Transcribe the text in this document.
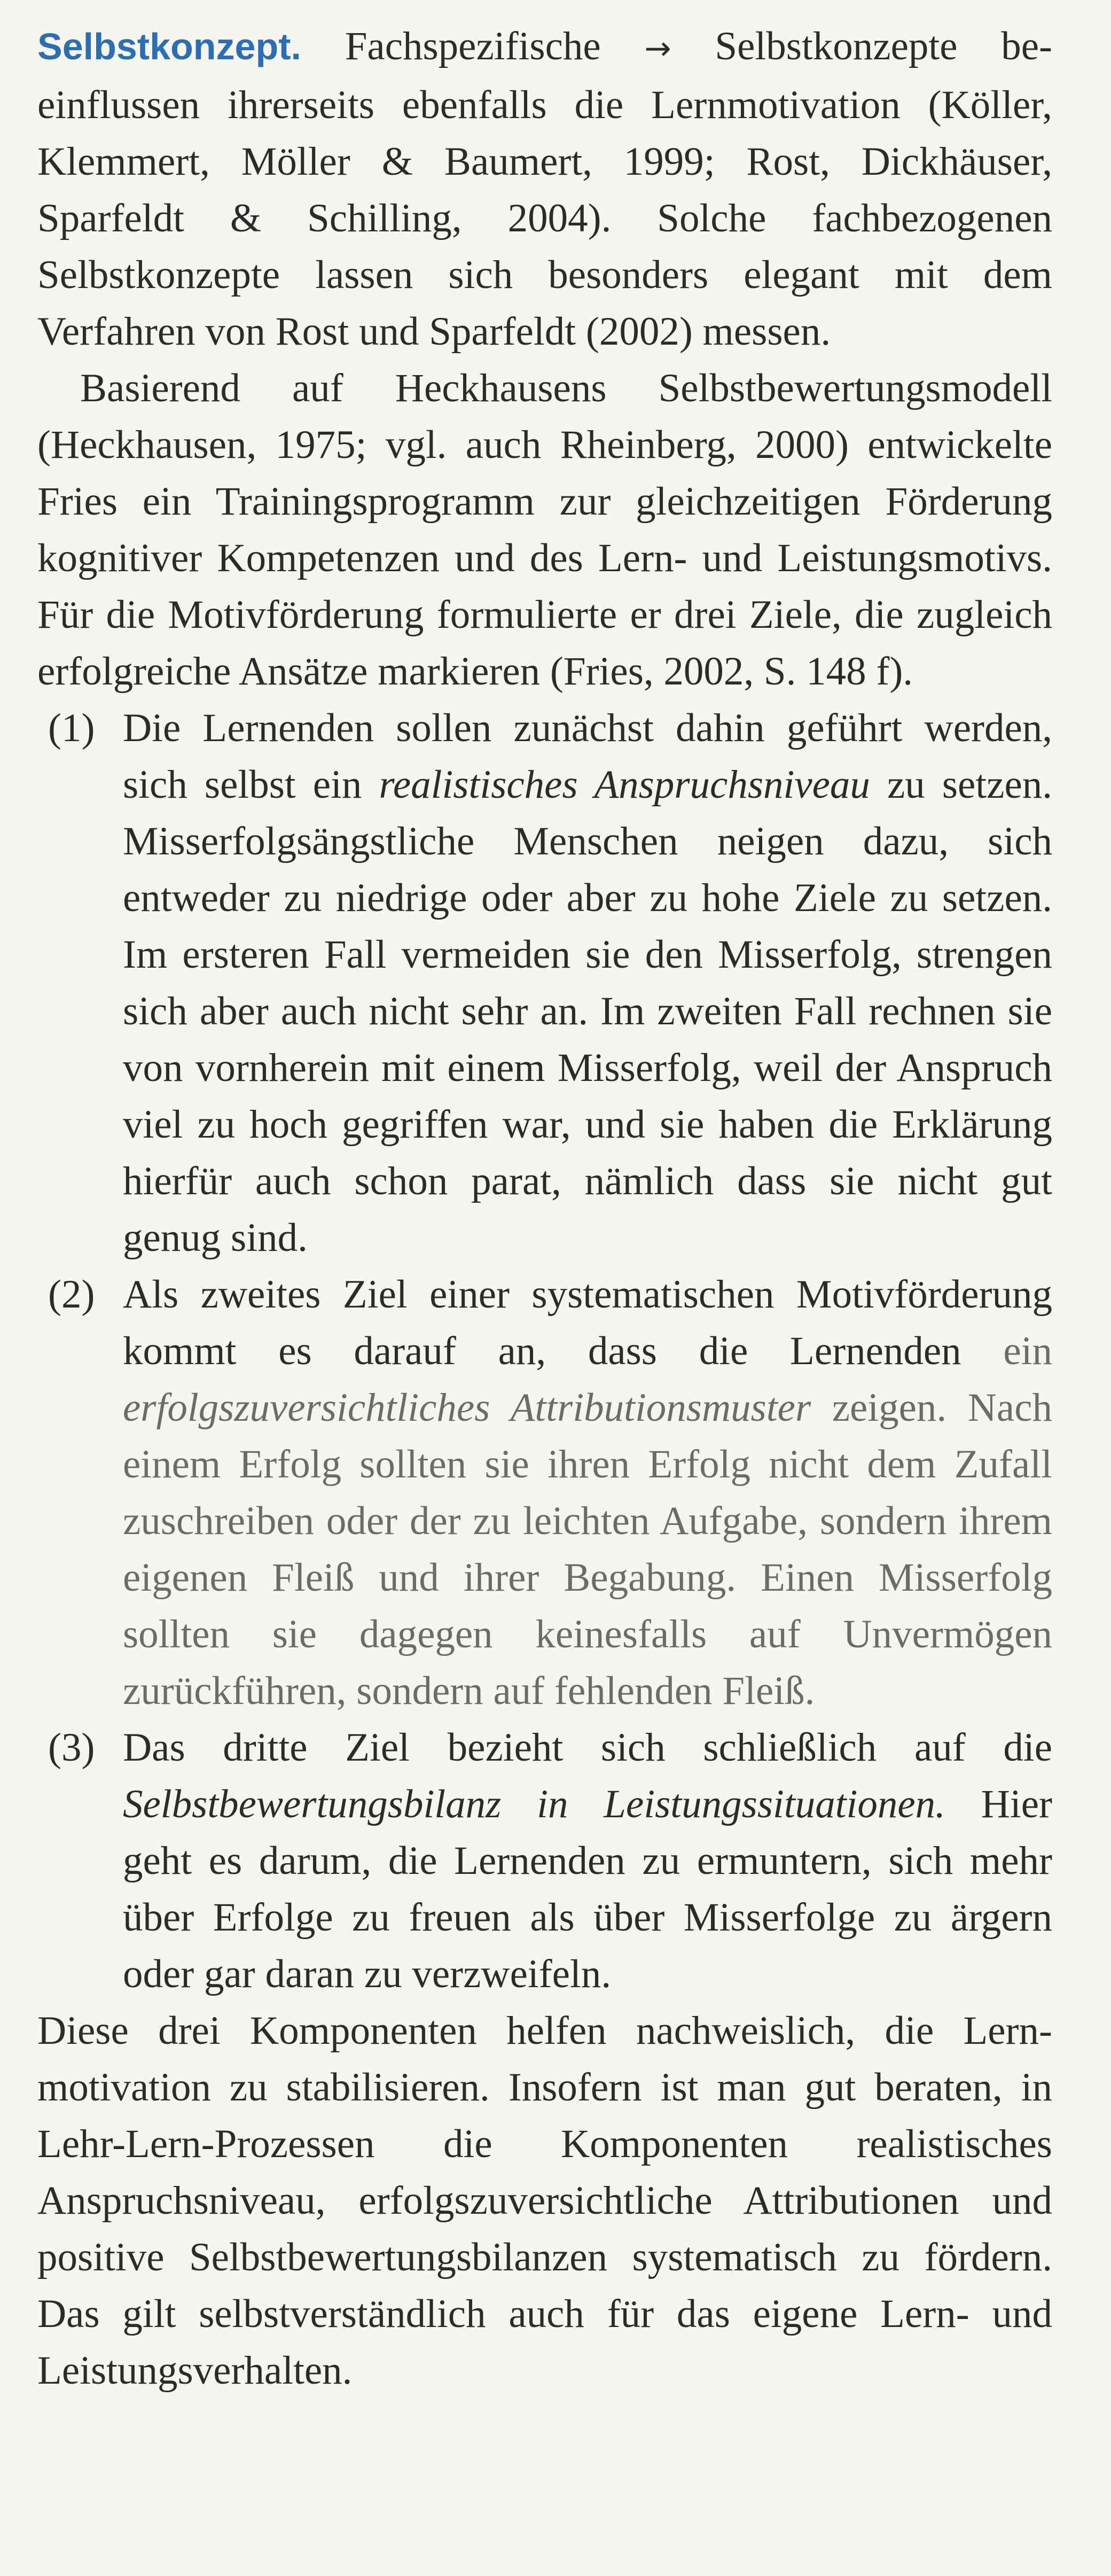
Selbstkonzept. Fachspezifische → Selbstkonzepte beeinflussen ihrerseits ebenfalls die Lernmotivation (Köller, Klemmert, Möller & Baumert, 1999; Rost, Dickhäuser, Sparfeldt & Schilling, 2004). Solche fachbezogenen Selbstkonzepte lassen sich besonders elegant mit dem Verfahren von Rost und Sparfeldt (2002) messen.

Basierend auf Heckhausens Selbstbewertungsmodell (Heckhausen, 1975; vgl. auch Rheinberg, 2000) entwickelte Fries ein Trainingsprogramm zur gleichzeitigen Förderung kognitiver Kompetenzen und des Lern- und Leistungsmotivs. Für die Motivförderung formulierte er drei Ziele, die zugleich erfolgreiche Ansätze markieren (Fries, 2002, S. 148 f).

(1) Die Lernenden sollen zunächst dahin geführt werden, sich selbst ein realistisches Anspruchsniveau zu setzen. Misserfolgsängstliche Menschen neigen dazu, sich entweder zu niedrige oder aber zu hohe Ziele zu setzen. Im ersteren Fall vermeiden sie den Misserfolg, strengen sich aber auch nicht sehr an. Im zweiten Fall rechnen sie von vornherein mit einem Misserfolg, weil der Anspruch viel zu hoch gegriffen war, und sie haben die Erklärung hierfür auch schon parat, nämlich dass sie nicht gut genug sind.

(2) Als zweites Ziel einer systematischen Motivförderung kommt es darauf an, dass die Lernenden ein erfolgszuversichtliches Attributionsmuster zeigen. Nach einem Erfolg sollten sie ihren Erfolg nicht dem Zufall zuschreiben oder der zu leichten Aufgabe, sondern ihrem eigenen Fleiß und ihrer Begabung. Einen Misserfolg sollten sie dagegen keinesfalls auf Unvermögen zurückführen, sondern auf fehlenden Fleiß.

(3) Das dritte Ziel bezieht sich schließlich auf die Selbstbewertungsbilanz in Leistungssituationen. Hier geht es darum, die Lernenden zu ermuntern, sich mehr über Erfolge zu freuen als über Misserfolge zu ärgern oder gar daran zu verzweifeln.

Diese drei Komponenten helfen nachweislich, die Lernmotivation zu stabilisieren. Insofern ist man gut beraten, in Lehr-Lern-Prozessen die Komponenten realistisches Anspruchsniveau, erfolgszuversichtliche Attributionen und positive Selbstbewertungsbilanzen systematisch zu fördern. Das gilt selbstverständlich auch für das eigene Lern- und Leistungsverhalten.
